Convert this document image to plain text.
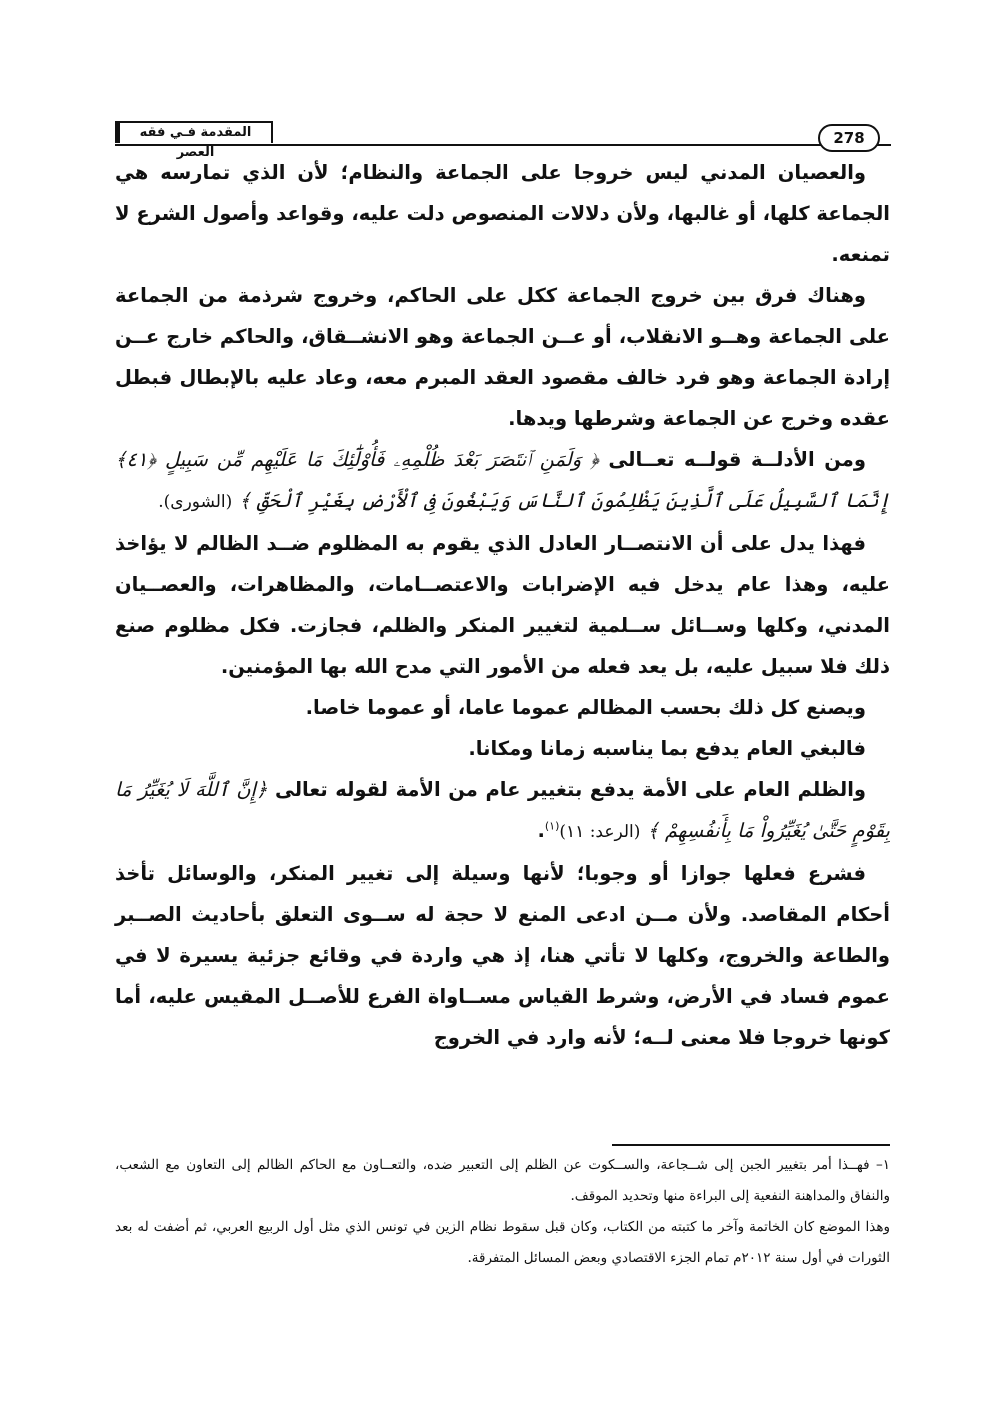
المقدمة فـي فقه العصر
278

والعصيان المدني ليس خروجا على الجماعة والنظام؛ لأن الذي تمارسه هي الجماعة كلها، أو غالبها، ولأن دلالات المنصوص دلت عليه، وقواعد وأصول الشرع لا تمنعه.

وهناك فرق بين خروج الجماعة ككل على الحاكم، وخروج شرذمة من الجماعة على الجماعة وهــو الانقلاب، أو عــن الجماعة وهو الانشــقاق، والحاكم خارج عــن إرادة الجماعة وهو فرد خالف مقصود العقد المبرم معه، وعاد عليه بالإبطال فبطل عقده وخرج عن الجماعة وشرطها ويدها.

ومن الأدلــة قولــه تعــالى ﴿ وَلَمَنِ ٱنتَصَرَ بَعْدَ ظُلْمِهِۦ فَأُوْلَٰٓئِكَ مَا عَلَيْهِم مِّن سَبِيلٍ ﴿٤١﴾ إِنَّمَا ٱلسَّبِيلُ عَلَى ٱلَّذِينَ يَظْلِمُونَ ٱلنَّاسَ وَيَبْغُونَ فِى ٱلْأَرْضِ بِغَيْرِ ٱلْحَقِّ ﴾ (الشورى).

فهذا يدل على أن الانتصــار العادل الذي يقوم به المظلوم ضــد الظالم لا يؤاخذ عليه، وهذا عام يدخل فيه الإضرابات والاعتصــامات، والمظاهرات، والعصــيان المدني، وكلها وســائل ســلمية لتغيير المنكر والظلم، فجازت. فكل مظلوم صنع ذلك فلا سبيل عليه، بل يعد فعله من الأمور التي مدح الله بها المؤمنين.

ويصنع كل ذلك بحسب المظالم عموما عاما، أو عموما خاصا.

فالبغي العام يدفع بما يناسبه زمانا ومكانا.

والظلم العام على الأمة يدفع بتغيير عام من الأمة لقوله تعالى ﴿إِنَّ ٱللَّهَ لَا يُغَيِّرُ مَا بِقَوْمٍ حَتَّىٰ يُغَيِّرُواْ مَا بِأَنفُسِهِمْ ﴾ (الرعد: ١١)$^{(١)}$.

فشرع فعلها جوازا أو وجوبا؛ لأنها وسيلة إلى تغيير المنكر، والوسائل تأخذ أحكام المقاصد. ولأن مــن ادعى المنع لا حجة له ســوى التعلق بأحاديث الصــبر والطاعة والخروج، وكلها لا تأتي هنا، إذ هي واردة في وقائع جزئية يسيرة لا في عموم فساد في الأرض، وشرط القياس مســاواة الفرع للأصــل المقيس عليه، أما كونها خروجا فلا معنى لــه؛ لأنه وارد في الخروج

١– فهــذا أمر بتغيير الجبن إلى شــجاعة، والســكوت عن الظلم إلى التعبير ضده، والتعــاون مع الحاكم الظالم إلى التعاون مع الشعب، والنفاق والمداهنة النفعية إلى البراءة منها وتحديد الموقف.

وهذا الموضع كان الخاتمة وآخر ما كتبته من الكتاب، وكان قبل سقوط نظام الزين في تونس الذي مثل أول الربيع العربي، ثم أضفت له بعد الثورات في أول سنة ٢٠١٢م تمام الجزء الاقتصادي وبعض المسائل المتفرقة.
